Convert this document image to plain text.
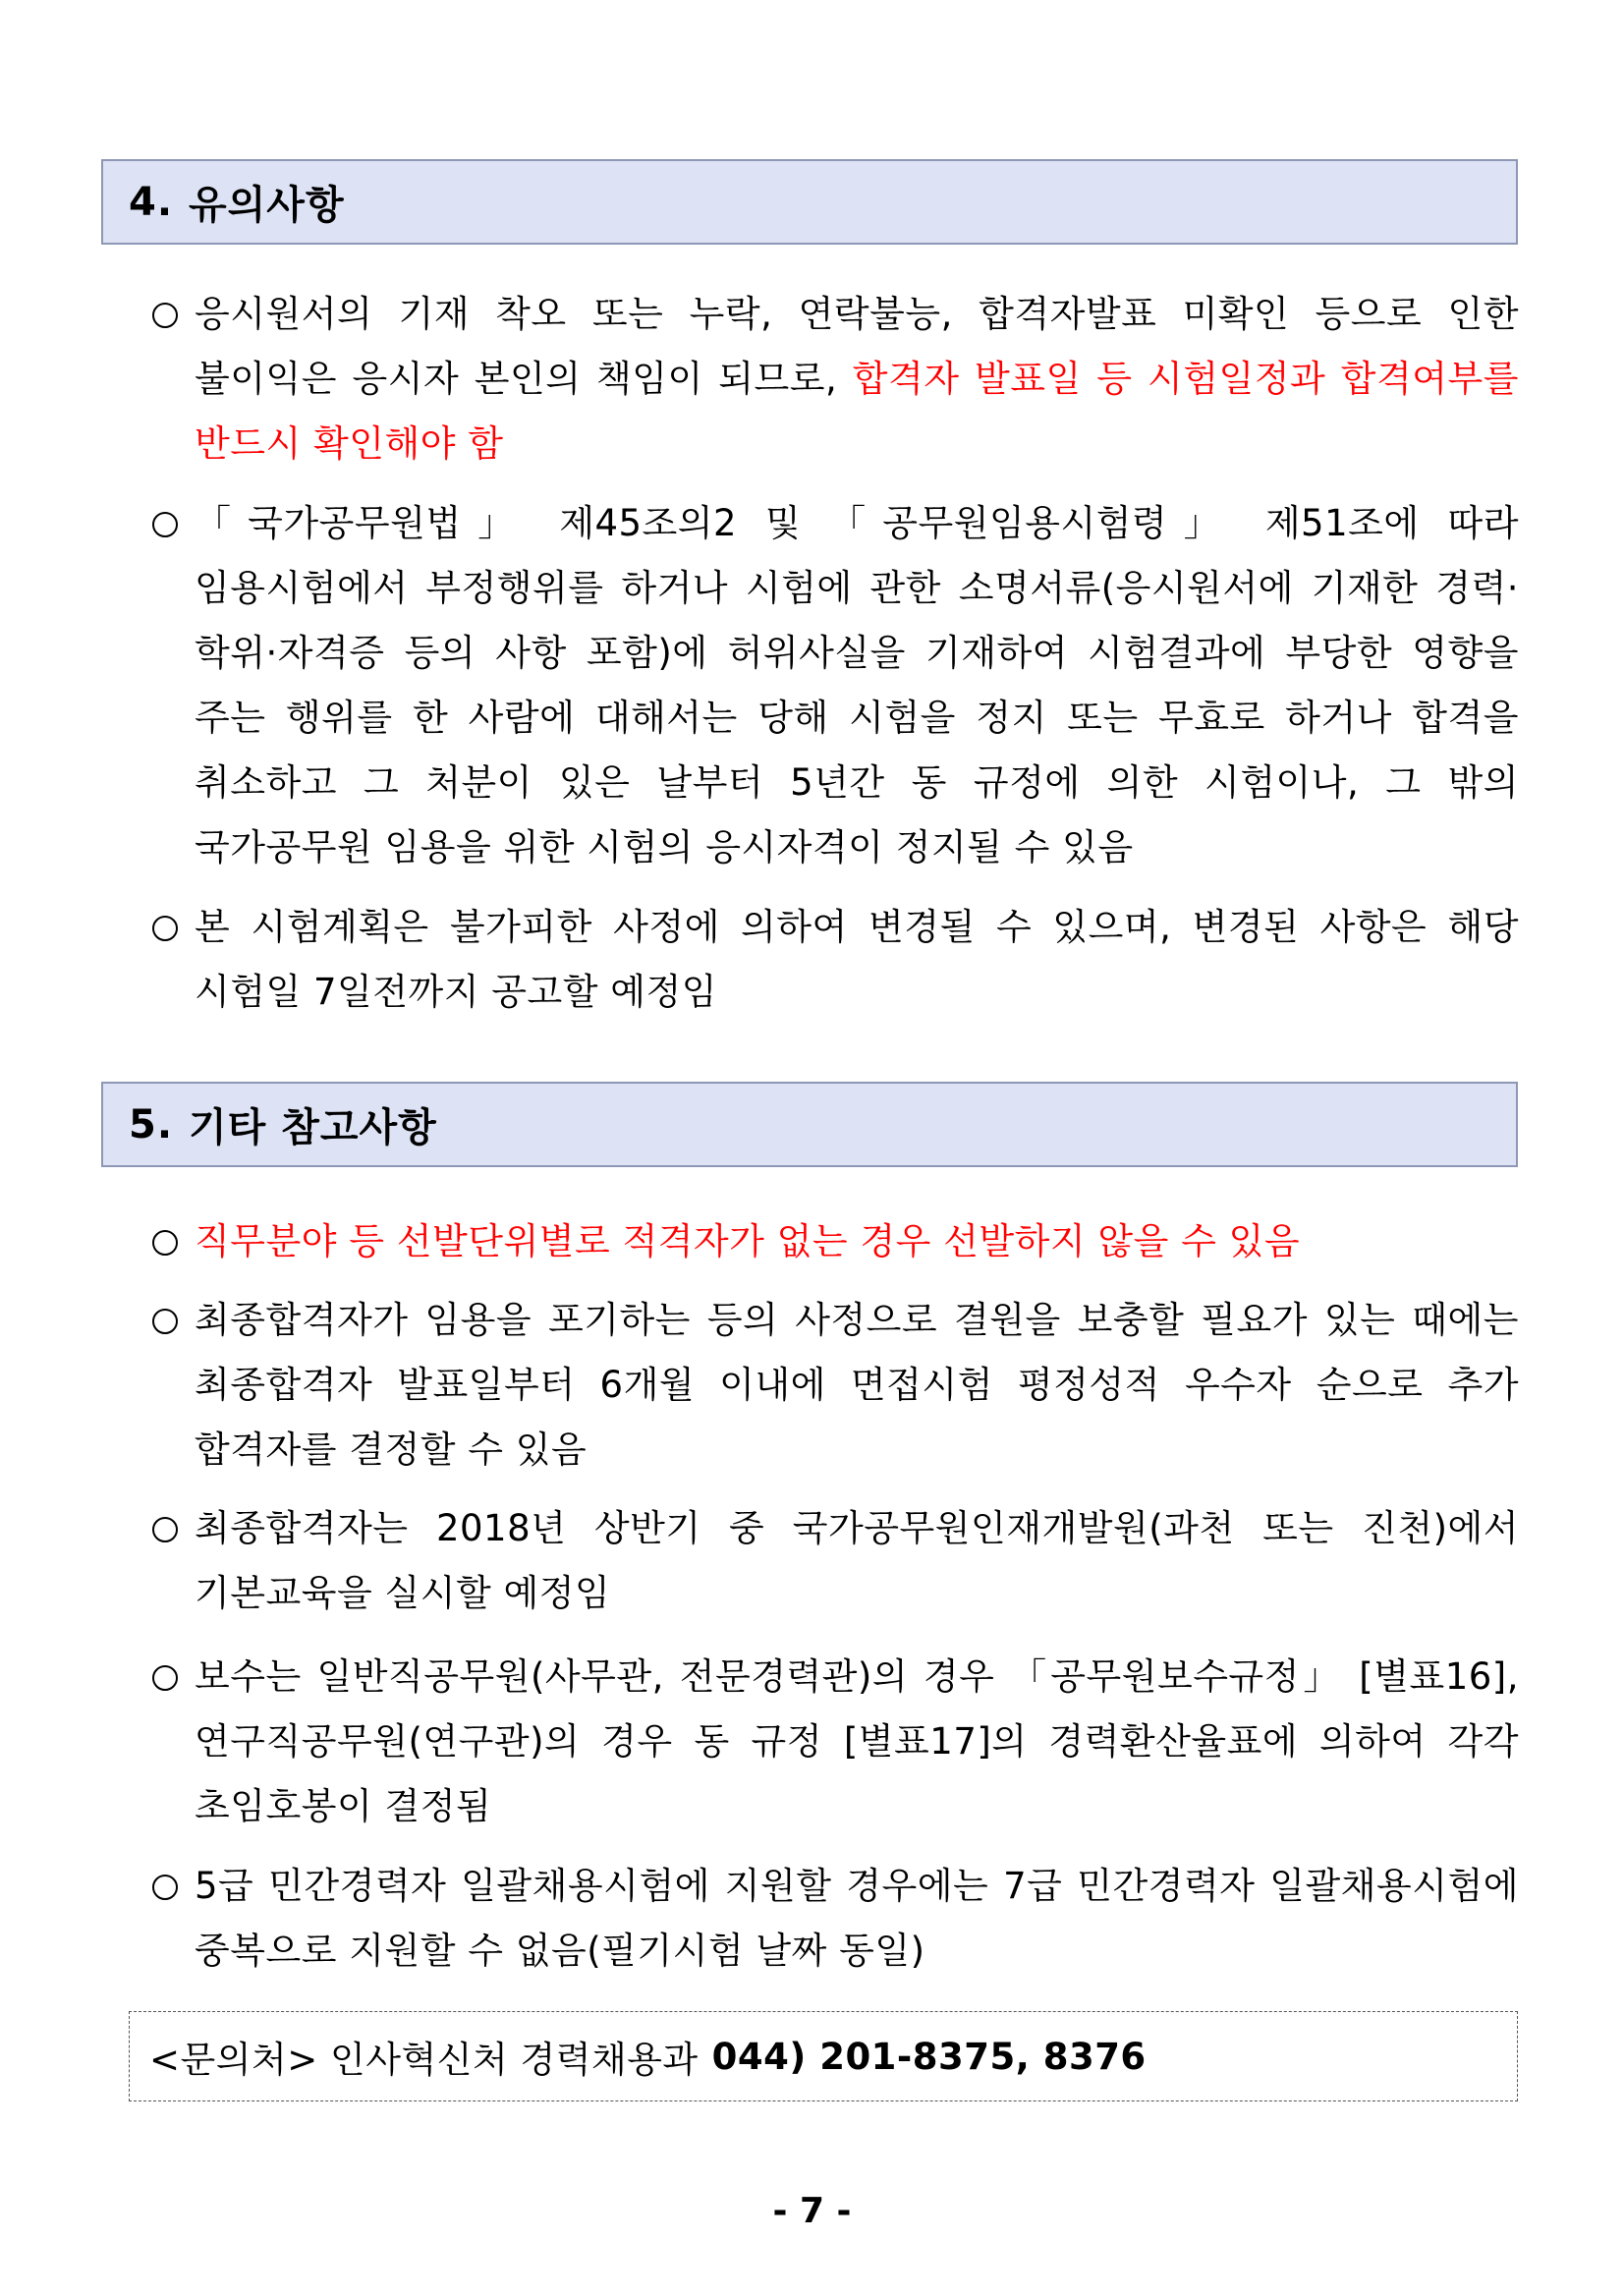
4. 유의사항
응시원서의 기재 착오 또는 누락, 연락불능, 합격자발표 미확인 등으로 인한 불이익은 응시자 본인의 책임이 되므로, 합격자 발표일 등 시험일정과 합격여부를 반드시 확인해야 함
「국가공무원법」 제45조의2 및 「공무원임용시험령」 제51조에 따라 임용시험에서 부정행위를 하거나 시험에 관한 소명서류(응시원서에 기재한 경력·학위·자격증 등의 사항 포함)에 허위사실을 기재하여 시험결과에 부당한 영향을 주는 행위를 한 사람에 대해서는 당해 시험을 정지 또는 무효로 하거나 합격을 취소하고 그 처분이 있은 날부터 5년간 동 규정에 의한 시험이나, 그 밖의 국가공무원 임용을 위한 시험의 응시자격이 정지될 수 있음
본 시험계획은 불가피한 사정에 의하여 변경될 수 있으며, 변경된 사항은 해당 시험일 7일전까지 공고할 예정임
5. 기타 참고사항
직무분야 등 선발단위별로 적격자가 없는 경우 선발하지 않을 수 있음
최종합격자가 임용을 포기하는 등의 사정으로 결원을 보충할 필요가 있는 때에는 최종합격자 발표일부터 6개월 이내에 면접시험 평정성적 우수자 순으로 추가 합격자를 결정할 수 있음
최종합격자는 2018년 상반기 중 국가공무원인재개발원(과천 또는 진천)에서 기본교육을 실시할 예정임
보수는 일반직공무원(사무관, 전문경력관)의 경우 「공무원보수규정」 [별표16], 연구직공무원(연구관)의 경우 동 규정 [별표17]의 경력환산율표에 의하여 각각 초임호봉이 결정됨
5급 민간경력자 일괄채용시험에 지원할 경우에는 7급 민간경력자 일괄채용시험에 중복으로 지원할 수 없음(필기시험 날짜 동일)
<문의처> 인사혁신처 경력채용과 044) 201-8375, 8376
- 7 -
